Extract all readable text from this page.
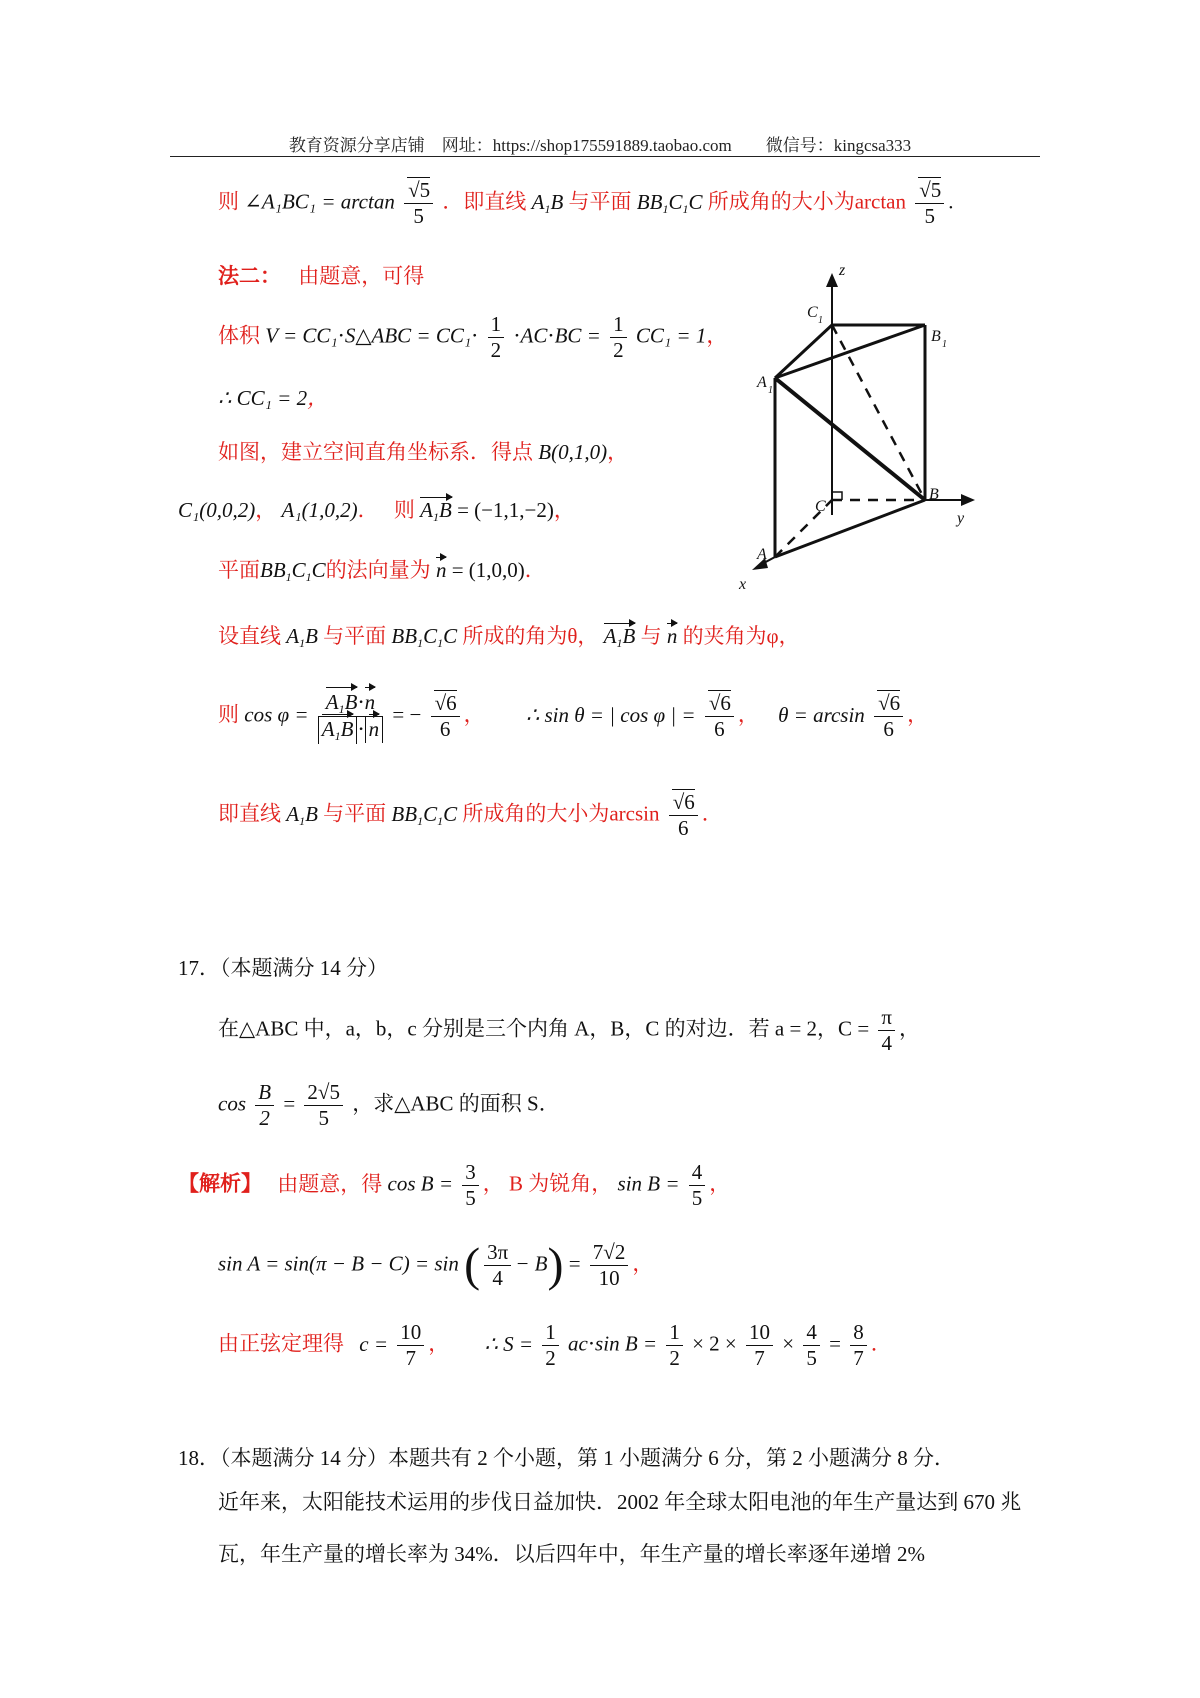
教育资源分享店铺　网址：https://shop175591889.taobao.com　　微信号：kingcsa333
则 ∠A₁BC₁ = $\arctan \frac{√5}{5}$ ．即直线 $A_1B$ 与平面 $BB_1C_1C$ 所成角的大小为$\arctan \frac{√5}{5}$ .
法二： 由题意，可得
体积 V = CC₁⋅S△ABC = $CC_1\cdot \frac{1}{2} \cdot AC\cdot BC = \frac{1}{2} CC_1 = 1$，
∴ CC₁ = 2，
如图，建立空间直角坐标系．得点 B(0,1,0)，
C₁(0,0,2)， A₁(1,0,2)． 则 $A_1B = (-1,1,-2)$，
平面$BB_1C_1C$的法向量为 n = (1,0,0)．
设直线 $A_1B$ 与平面 $BB_1C_1C$ 所成的角为θ， $A_1B$ 与 n 的夹角为φ，
则 $\cos \varphi = \frac{A_1B\cdot n}{A_1B \cdot n}$ = − $\frac{√6}{6}$ ， ∴ sin θ = | cos φ | = $\frac{√6}{6}$ ， $\theta = \arcsin \frac{√6}{6}$ ，
即直线 $A_1B$ 与平面 $BB_1C_1C$ 所成角的大小为$\arcsin \frac{√6}{6}$ ．
z
y
x
C 1
B 1
A 1
B
C
A
17．（本题满分 14 分）
在△ABC 中，a，b，c 分别是三个内角 A，B，C 的对边．若 a = 2，$C = \frac{\pi}{4}$ ，
$\cos \frac{B}{2} = \frac{2√5}{5}$ ，求△ABC 的面积 S．
【解析】 由题意，得 $\cos B = \frac{3}{5}$ ， B 为锐角， $\sin B = \frac{4}{5}$ ，
sin A = sin(π − B − C) = sin ( $\frac{3\pi}{4} - B) = \frac{7√2}{10}$ ，
由正弦定理得 $c = \frac{10}{7}$ ， ∴ $S = \frac{1}{2} ac\cdot\sin$ $B = \frac{1}{2} \times 2 \times \frac{10}{7} \times \frac{4}{5} = \frac{8}{7}$ ．
18．（本题满分 14 分）本题共有 2 个小题，第 1 小题满分 6 分，第 2 小题满分 8 分．
近年来，太阳能技术运用的步伐日益加快．2002 年全球太阳电池的年生产量达到 670 兆
瓦，年生产量的增长率为 34%．以后四年中，年生产量的增长率逐年递增 2%
